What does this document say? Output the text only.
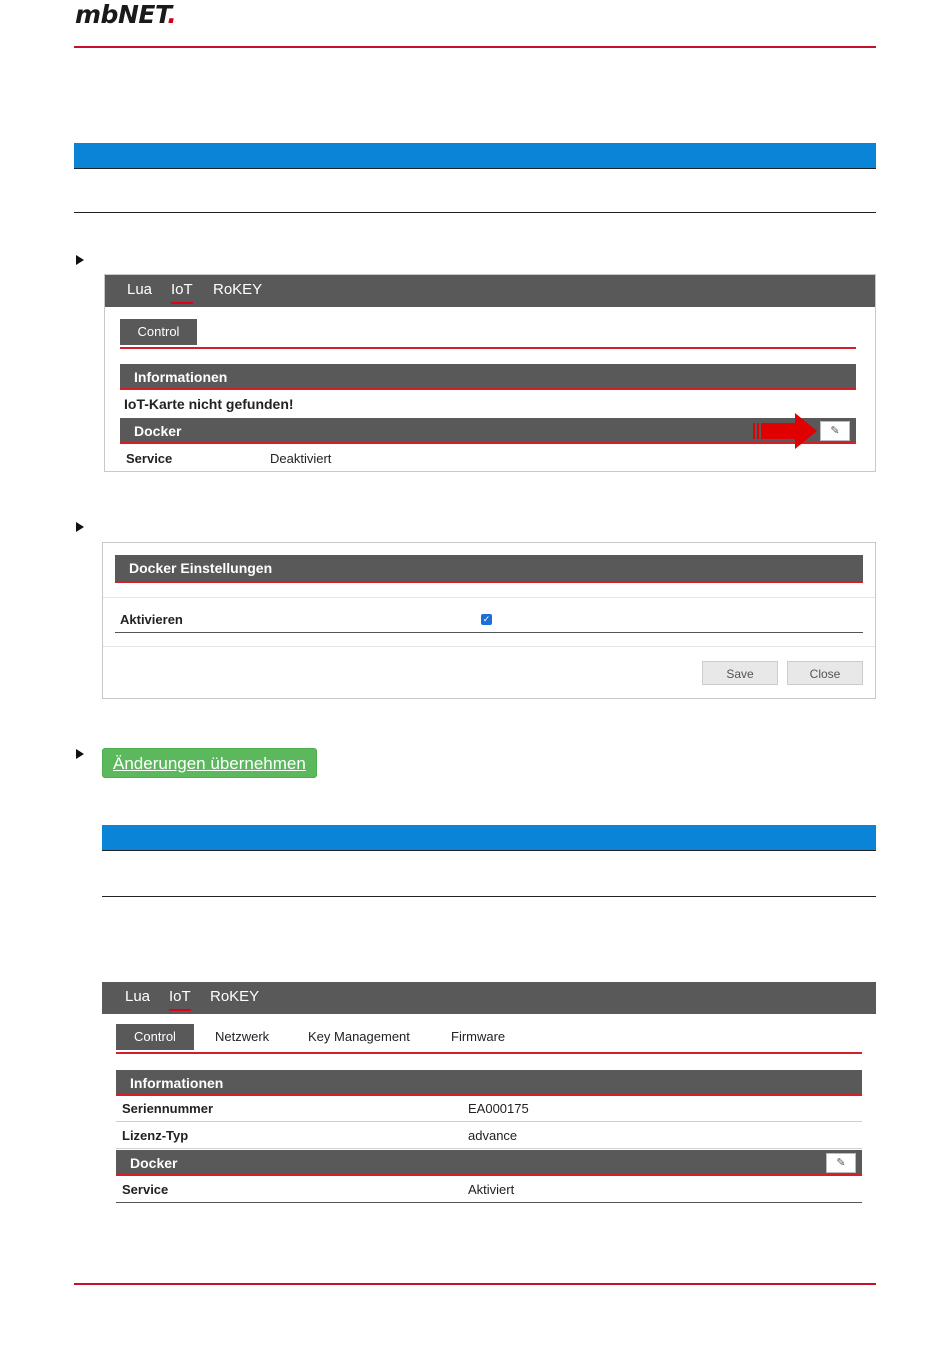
mbNET.
Lua IoT RoKEY
Control
Informationen
IoT-Karte nicht gefunden!
Docker	✎
Service	Deaktiviert
Docker Einstellungen
Aktivieren	✓
Save	Close
Änderungen übernehmen
Lua IoT RoKEY
Control	Netzwerk	Key Management	Firmware
Informationen
Seriennummer	EA000175
Lizenz-Typ	advance
Docker	✎
Service	Aktiviert
